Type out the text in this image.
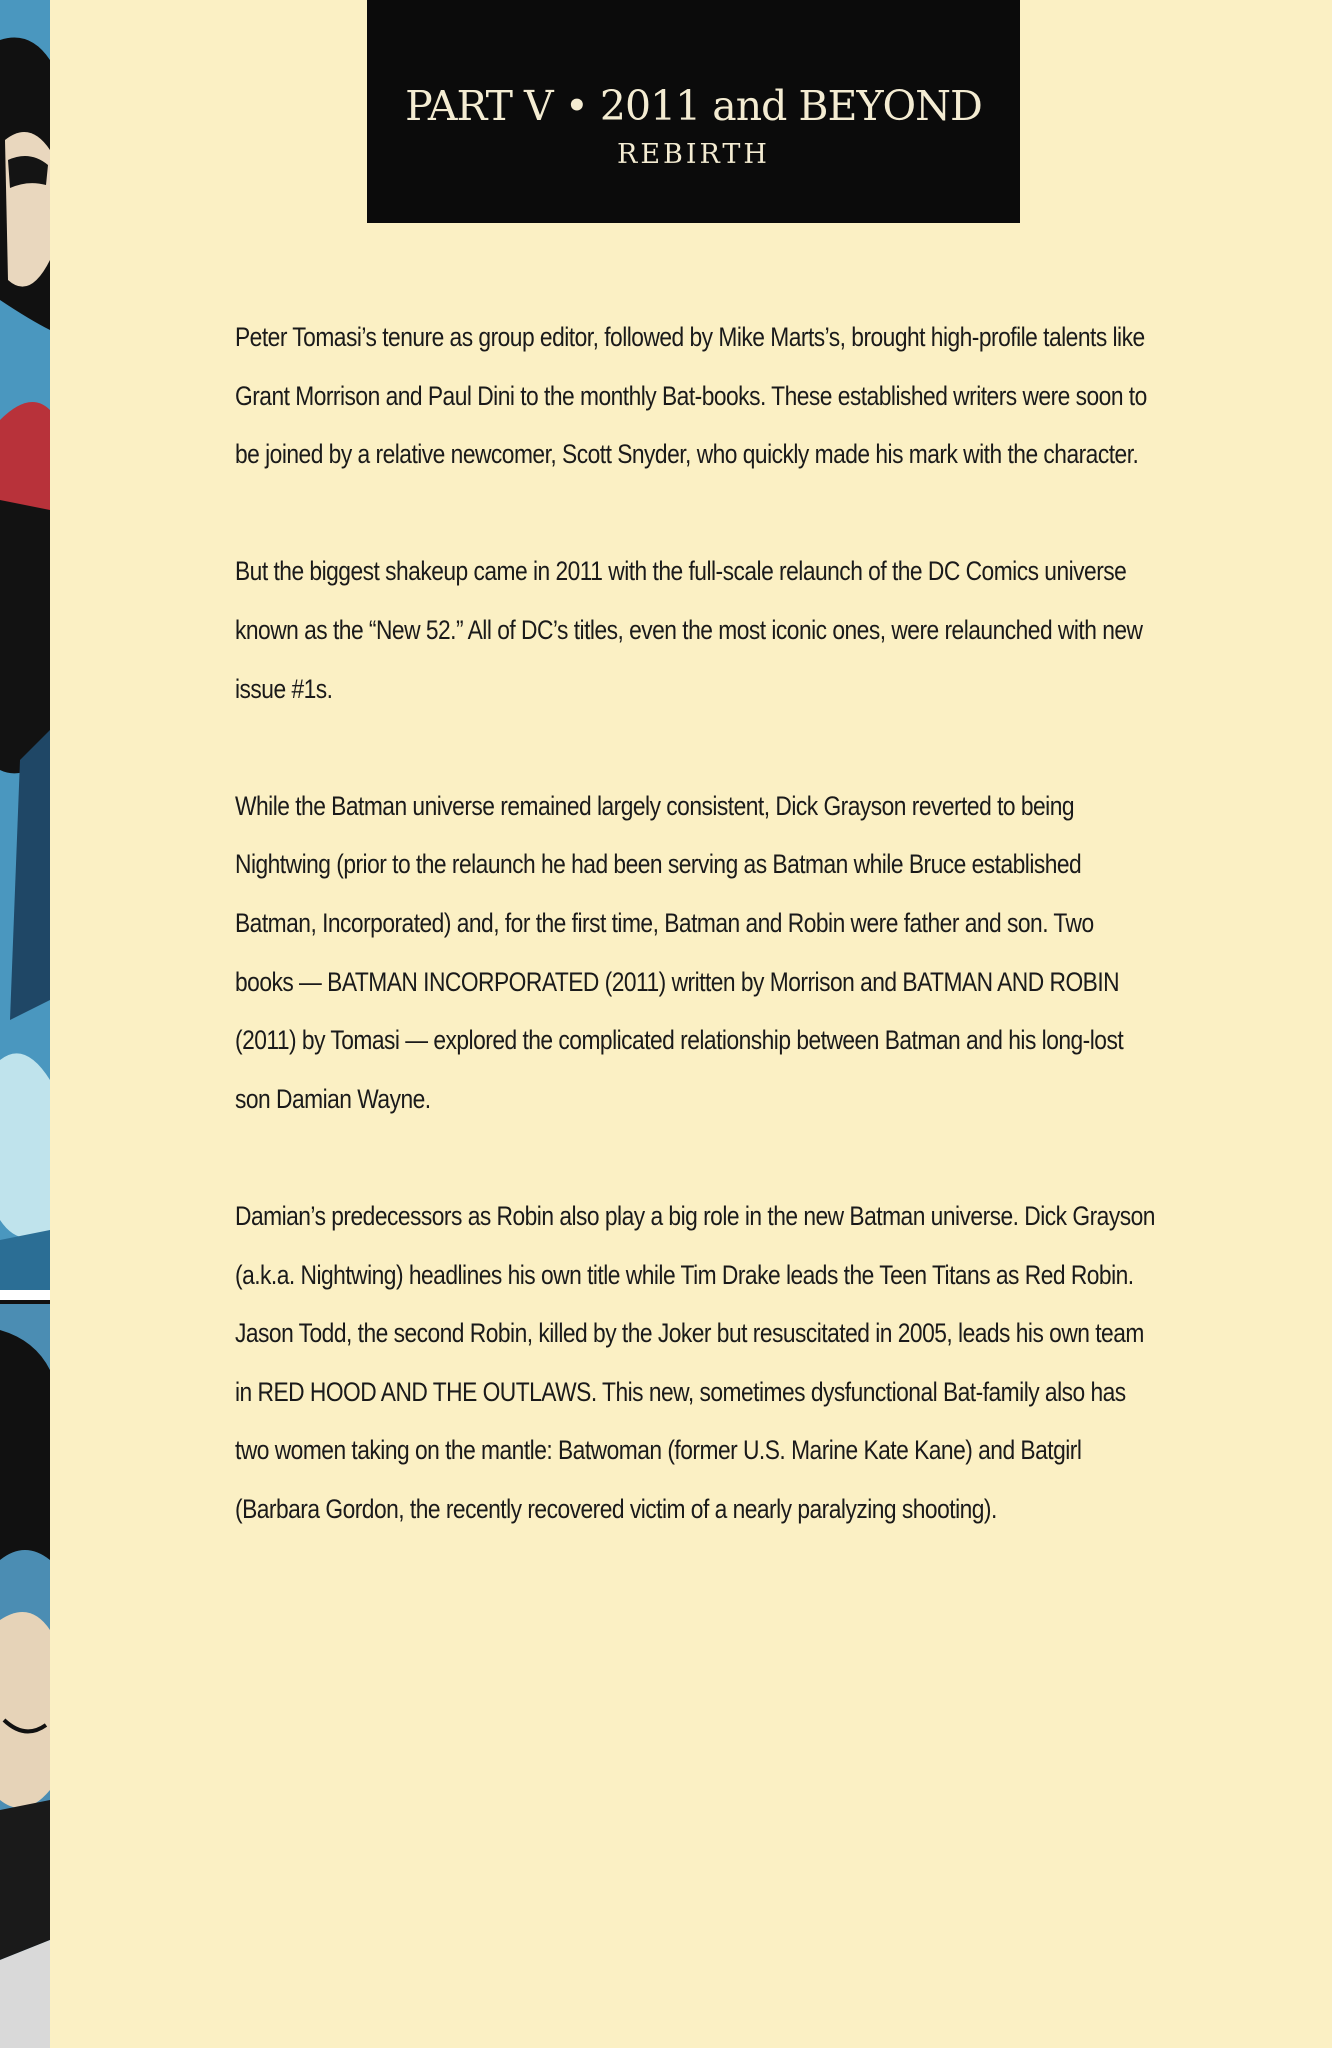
PART V • 2011 and BEYOND
REBIRTH

Peter Tomasi’s tenure as group editor, followed by Mike Marts’s, brought high-profile talents like Grant Morrison and Paul Dini to the monthly Bat-books. These established writers were soon to be joined by a relative newcomer, Scott Snyder, who quickly made his mark with the character.

But the biggest shakeup came in 2011 with the full-scale relaunch of the DC Comics universe known as the “New 52.” All of DC’s titles, even the most iconic ones, were relaunched with new issue #1s.

While the Batman universe remained largely consistent, Dick Grayson reverted to being Nightwing (prior to the relaunch he had been serving as Batman while Bruce established Batman, Incorporated) and, for the first time, Batman and Robin were father and son. Two books — BATMAN INCORPORATED (2011) written by Morrison and BATMAN AND ROBIN (2011) by Tomasi — explored the complicated relationship between Batman and his long-lost son Damian Wayne.

Damian’s predecessors as Robin also play a big role in the new Batman universe. Dick Grayson (a.k.a. Nightwing) headlines his own title while Tim Drake leads the Teen Titans as Red Robin. Jason Todd, the second Robin, killed by the Joker but resuscitated in 2005, leads his own team in RED HOOD AND THE OUTLAWS. This new, sometimes dysfunctional Bat-family also has two women taking on the mantle: Batwoman (former U.S. Marine Kate Kane) and Batgirl (Barbara Gordon, the recently recovered victim of a nearly paralyzing shooting).
